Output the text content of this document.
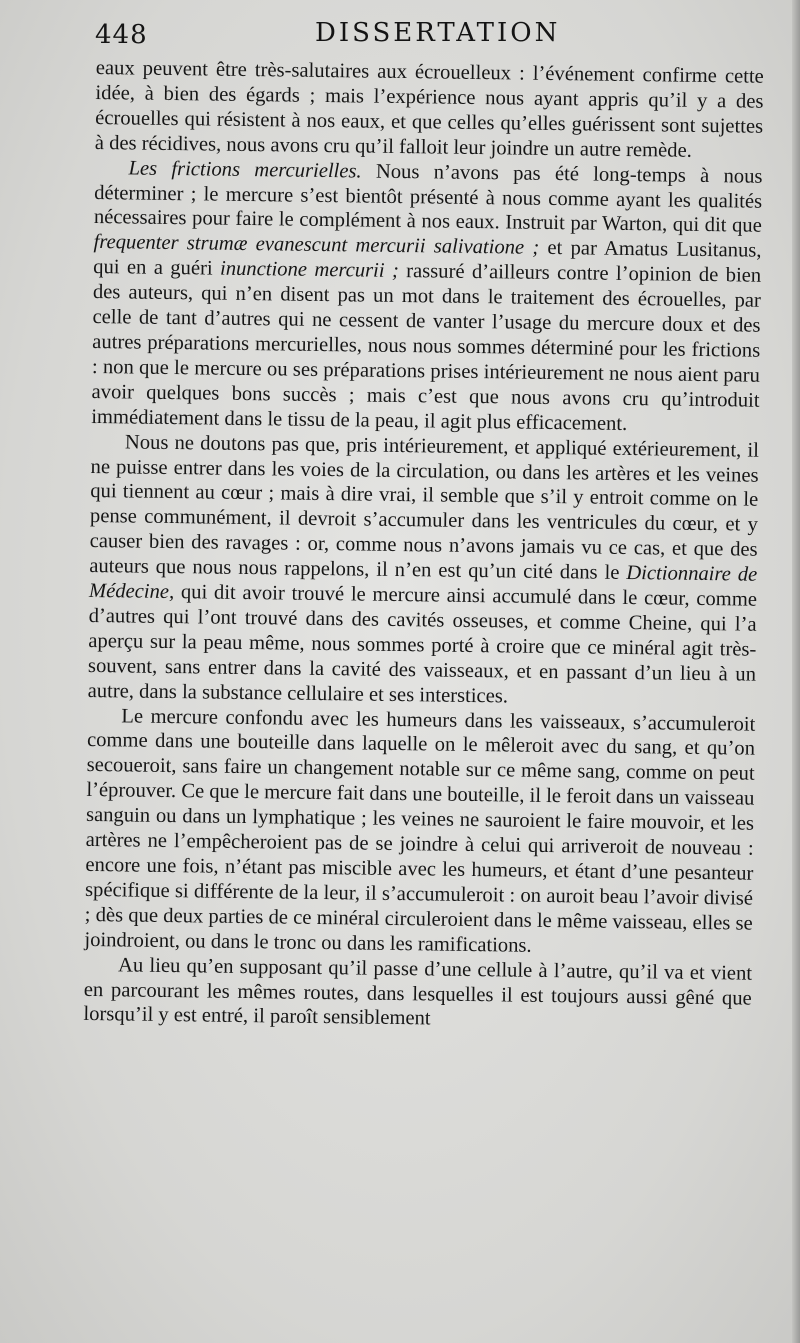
448	DISSERTATION

eaux peuvent être très-salutaires aux écrouelleux : l’événement confirme cette idée, à bien des égards ; mais l’expérience nous ayant appris qu’il y a des écrouelles qui résistent à nos eaux, et que celles qu’elles guérissent sont sujettes à des récidives, nous avons cru qu’il falloit leur joindre un autre remède.

Les frictions mercurielles. Nous n’avons pas été long-temps à nous déterminer ; le mercure s’est bientôt présenté à nous comme ayant les qualités nécessaires pour faire le complément à nos eaux. Instruit par Warton, qui dit que frequenter strumæ evanescunt mercurii salivatione ; et par Amatus Lusitanus, qui en a guéri inunctione mercurii ; rassuré d’ailleurs contre l’opinion de bien des auteurs, qui n’en disent pas un mot dans le traitement des écrouelles, par celle de tant d’autres qui ne cessent de vanter l’usage du mercure doux et des autres préparations mercurielles, nous nous sommes déterminé pour les frictions : non que le mercure ou ses préparations prises intérieurement ne nous aient paru avoir quelques bons succès ; mais c’est que nous avons cru qu’introduit immédiatement dans le tissu de la peau, il agit plus efficacement.

Nous ne doutons pas que, pris intérieurement, et appliqué extérieurement, il ne puisse entrer dans les voies de la circulation, ou dans les artères et les veines qui tiennent au cœur ; mais à dire vrai, il semble que s’il y entroit comme on le pense communément, il devroit s’accumuler dans les ventricules du cœur, et y causer bien des ravages : or, comme nous n’avons jamais vu ce cas, et que des auteurs que nous nous rappelons, il n’en est qu’un cité dans le Dictionnaire de Médecine, qui dit avoir trouvé le mercure ainsi accumulé dans le cœur, comme d’autres qui l’ont trouvé dans des cavités osseuses, et comme Cheine, qui l’a aperçu sur la peau même, nous sommes porté à croire que ce minéral agit très-souvent, sans entrer dans la cavité des vaisseaux, et en passant d’un lieu à un autre, dans la substance cellulaire et ses interstices.

Le mercure confondu avec les humeurs dans les vaisseaux, s’accumuleroit comme dans une bouteille dans laquelle on le mêleroit avec du sang, et qu’on secoueroit, sans faire un changement notable sur ce même sang, comme on peut l’éprouver. Ce que le mercure fait dans une bouteille, il le feroit dans un vaisseau sanguin ou dans un lymphatique ; les veines ne sauroient le faire mouvoir, et les artères ne l’empêcheroient pas de se joindre à celui qui arriveroit de nouveau : encore une fois, n’étant pas miscible avec les humeurs, et étant d’une pesanteur spécifique si différente de la leur, il s’accumuleroit : on auroit beau l’avoir divisé ; dès que deux parties de ce minéral circuleroient dans le même vaisseau, elles se joindroient, ou dans le tronc ou dans les ramifications.

Au lieu qu’en supposant qu’il passe d’une cellule à l’autre, qu’il va et vient en parcourant les mêmes routes, dans lesquelles il est toujours aussi gêné que lorsqu’il y est entré, il paroît sensiblement
